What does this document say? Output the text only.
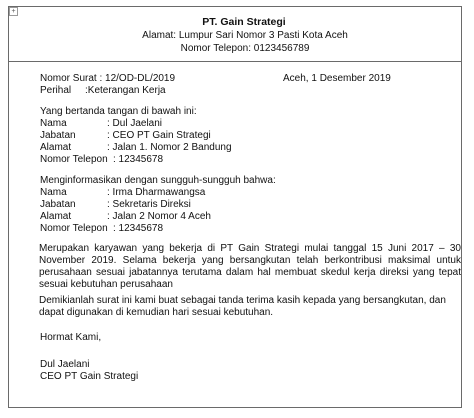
+
PT. Gain Strategi
Alamat: Lumpur Sari Nomor 3 Pasti Kota Aceh
Nomor Telepon: 0123456789
Nomor Surat : 12/OD-DL/2019	Aceh, 1 Desember 2019
Perihal :Keterangan Kerja
Yang bertanda tangan di bawah ini:
Nama	: Dul Jaelani
Jabatan	: CEO PT Gain Strategi
Alamat	: Jalan 1. Nomor 2 Bandung
Nomor Telepon : 12345678
Menginformasikan dengan sungguh-sungguh bahwa:
Nama	: Irma Dharmawangsa
Jabatan	: Sekretaris Direksi
Alamat	: Jalan 2 Nomor 4 Aceh
Nomor Telepon : 12345678
Merupakan karyawan yang bekerja di PT Gain Strategi mulai tanggal 15 Juni 2017 – 30 November 2019. Selama bekerja yang bersangkutan telah berkontribusi maksimal untuk perusahaan sesuai jabatannya terutama dalam hal membuat skedul kerja direksi yang tepat sesuai kebutuhan perusahaan
Demikianlah surat ini kami buat sebagai tanda terima kasih kepada yang bersangkutan, dan dapat digunakan di kemudian hari sesuai kebutuhan.
Hormat Kami,
Dul Jaelani
CEO PT Gain Strategi
